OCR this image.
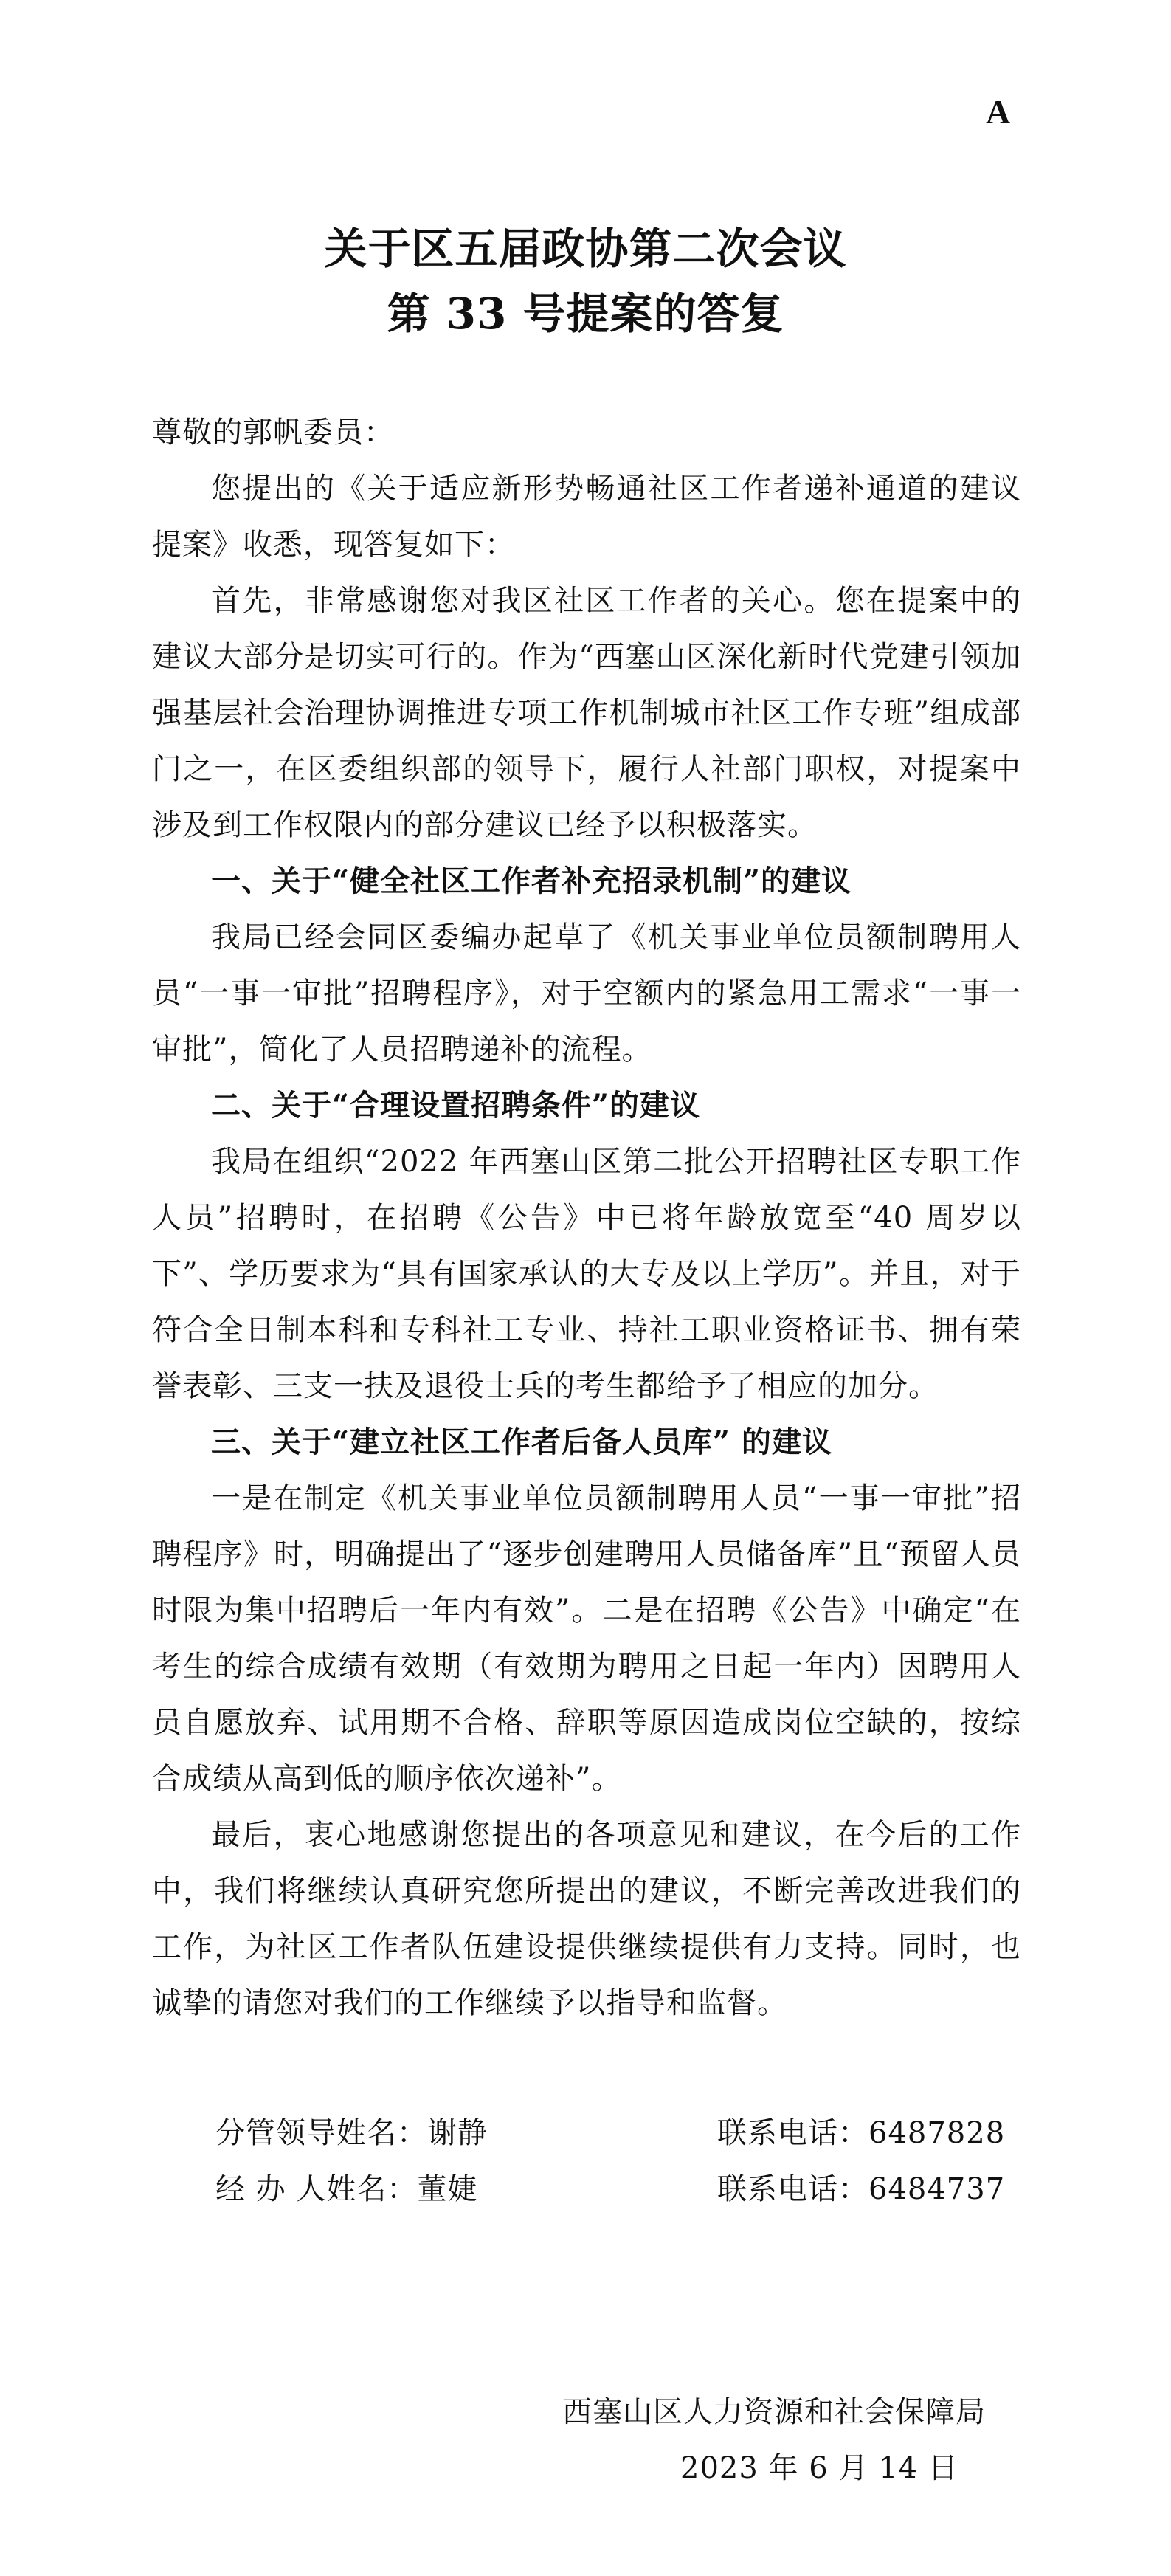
A
关于区五届政协第二次会议
第 33 号提案的答复
尊敬的郭帆委员：

您提出的《关于适应新形势畅通社区工作者递补通道的建议提案》收悉，现答复如下：

首先，非常感谢您对我区社区工作者的关心。您在提案中的建议大部分是切实可行的。作为“西塞山区深化新时代党建引领加强基层社会治理协调推进专项工作机制城市社区工作专班”组成部门之一，在区委组织部的领导下，履行人社部门职权，对提案中涉及到工作权限内的部分建议已经予以积极落实。

一、关于“健全社区工作者补充招录机制”的建议

我局已经会同区委编办起草了《机关事业单位员额制聘用人员“一事一审批”招聘程序》，对于空额内的紧急用工需求“一事一审批”，简化了人员招聘递补的流程。

二、关于“合理设置招聘条件”的建议

我局在组织“2022 年西塞山区第二批公开招聘社区专职工作人员”招聘时，在招聘《公告》中已将年龄放宽至“40 周岁以下”、学历要求为“具有国家承认的大专及以上学历”。并且，对于符合全日制本科和专科社工专业、持社工职业资格证书、拥有荣誉表彰、三支一扶及退役士兵的考生都给予了相应的加分。

三、关于“建立社区工作者后备人员库” 的建议

一是在制定《机关事业单位员额制聘用人员“一事一审批”招聘程序》时，明确提出了“逐步创建聘用人员储备库”且“预留人员时限为集中招聘后一年内有效”。二是在招聘《公告》中确定“在考生的综合成绩有效期（有效期为聘用之日起一年内）因聘用人员自愿放弃、试用期不合格、辞职等原因造成岗位空缺的，按综合成绩从高到低的顺序依次递补”。

最后，衷心地感谢您提出的各项意见和建议，在今后的工作中，我们将继续认真研究您所提出的建议，不断完善改进我们的工作，为社区工作者队伍建设提供继续提供有力支持。同时，也诚挚的请您对我们的工作继续予以指导和监督。

分管领导姓名：谢静	联系电话：6487828
经 办 人姓名：董婕	联系电话：6484737
西塞山区人力资源和社会保障局
2023 年 6 月 14 日
